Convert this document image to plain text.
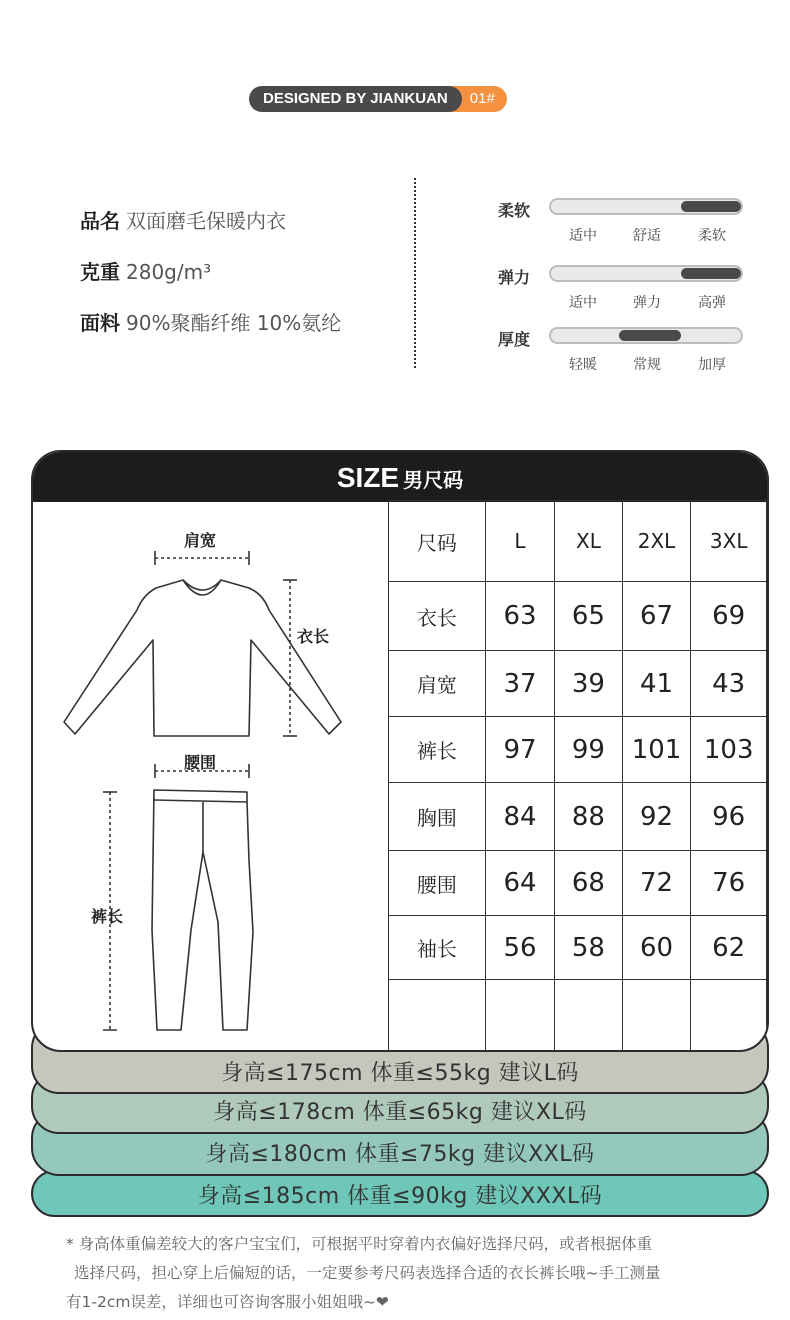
DESIGNED BY JIANKUAN	01#
品名 双面磨毛保暖内衣
克重 280g/m³
面料 90%聚酯纤维 10%氨纶
柔软
适中	舒适	柔软
弹力
适中	弹力	高弹
厚度
轻暖	常规	加厚
身高≤185cm 体重≤90kg 建议XXXL码
身高≤180cm 体重≤75kg 建议XXL码
身高≤178cm 体重≤65kg 建议XL码
身高≤175cm 体重≤55kg 建议L码
SIZE 男尺码
肩宽
衣长
腰围
裤长
尺码	L	XL	2XL	3XL
衣长	63	65	67	69
肩宽	37	39	41	43
裤长	97	99	101	103
胸围	84	88	92	96
腰围	64	68	72	76
袖长	56	58	60	62

* 身高体重偏差较大的客户宝宝们，可根据平时穿着内衣偏好选择尺码，或者根据体重
选择尺码，担心穿上后偏短的话，一定要参考尺码表选择合适的衣长裤长哦~手工测量
有1-2cm误差，详细也可咨询客服小姐姐哦~❤
